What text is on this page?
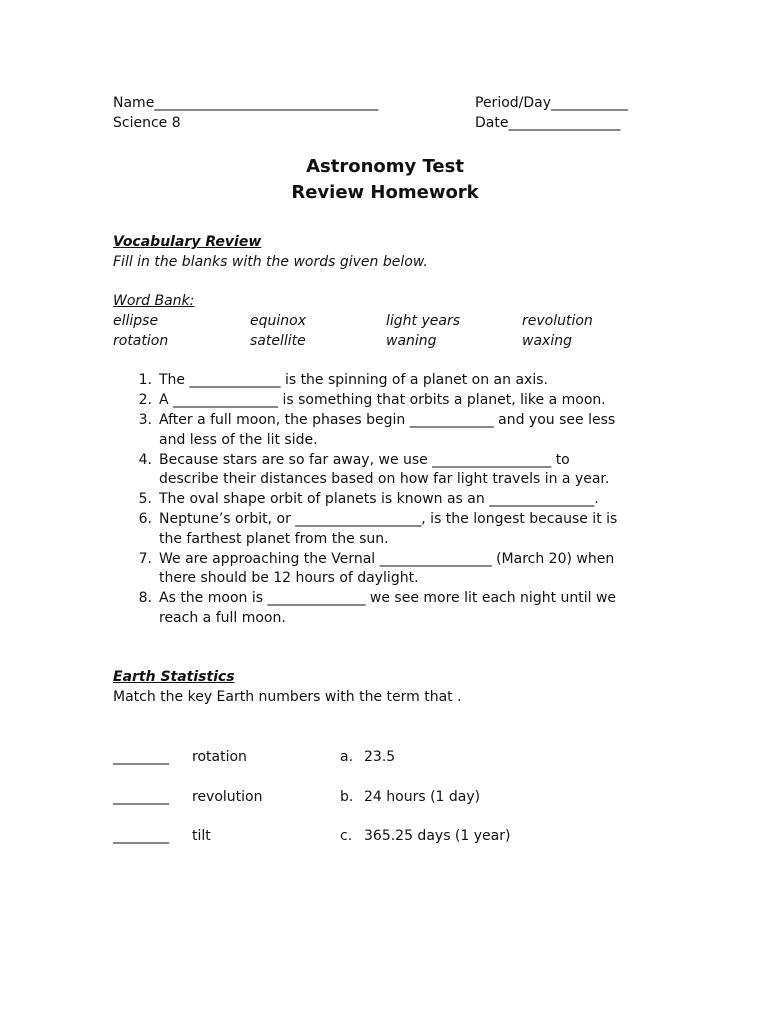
Name________________________________	Period/Day___________
Science 8	Date________________
Astronomy Test
Review Homework
Vocabulary Review
Fill in the blanks with the words given below.
Word Bank:
ellipse	equinox	light years	revolution
rotation	satellite	waning	waxing
1. The _____________ is the spinning of a planet on an axis.
2. A _______________ is something that orbits a planet, like a moon.
3. After a full moon, the phases begin ____________ and you see less
and less of the lit side.
4. Because stars are so far away, we use _________________ to
describe their distances based on how far light travels in a year.
5. The oval shape orbit of planets is known as an _______________.
6. Neptune’s orbit, or __________________, is the longest because it is
the farthest planet from the sun.
7. We are approaching the Vernal ________________ (March 20) when
there should be 12 hours of daylight.
8. As the moon is ______________ we see more lit each night until we
reach a full moon.
Earth Statistics
Match the key Earth numbers with the term that .
________ rotation	a. 23.5
________ revolution	b. 24 hours (1 day)
________ tilt	c. 365.25 days (1 year)
